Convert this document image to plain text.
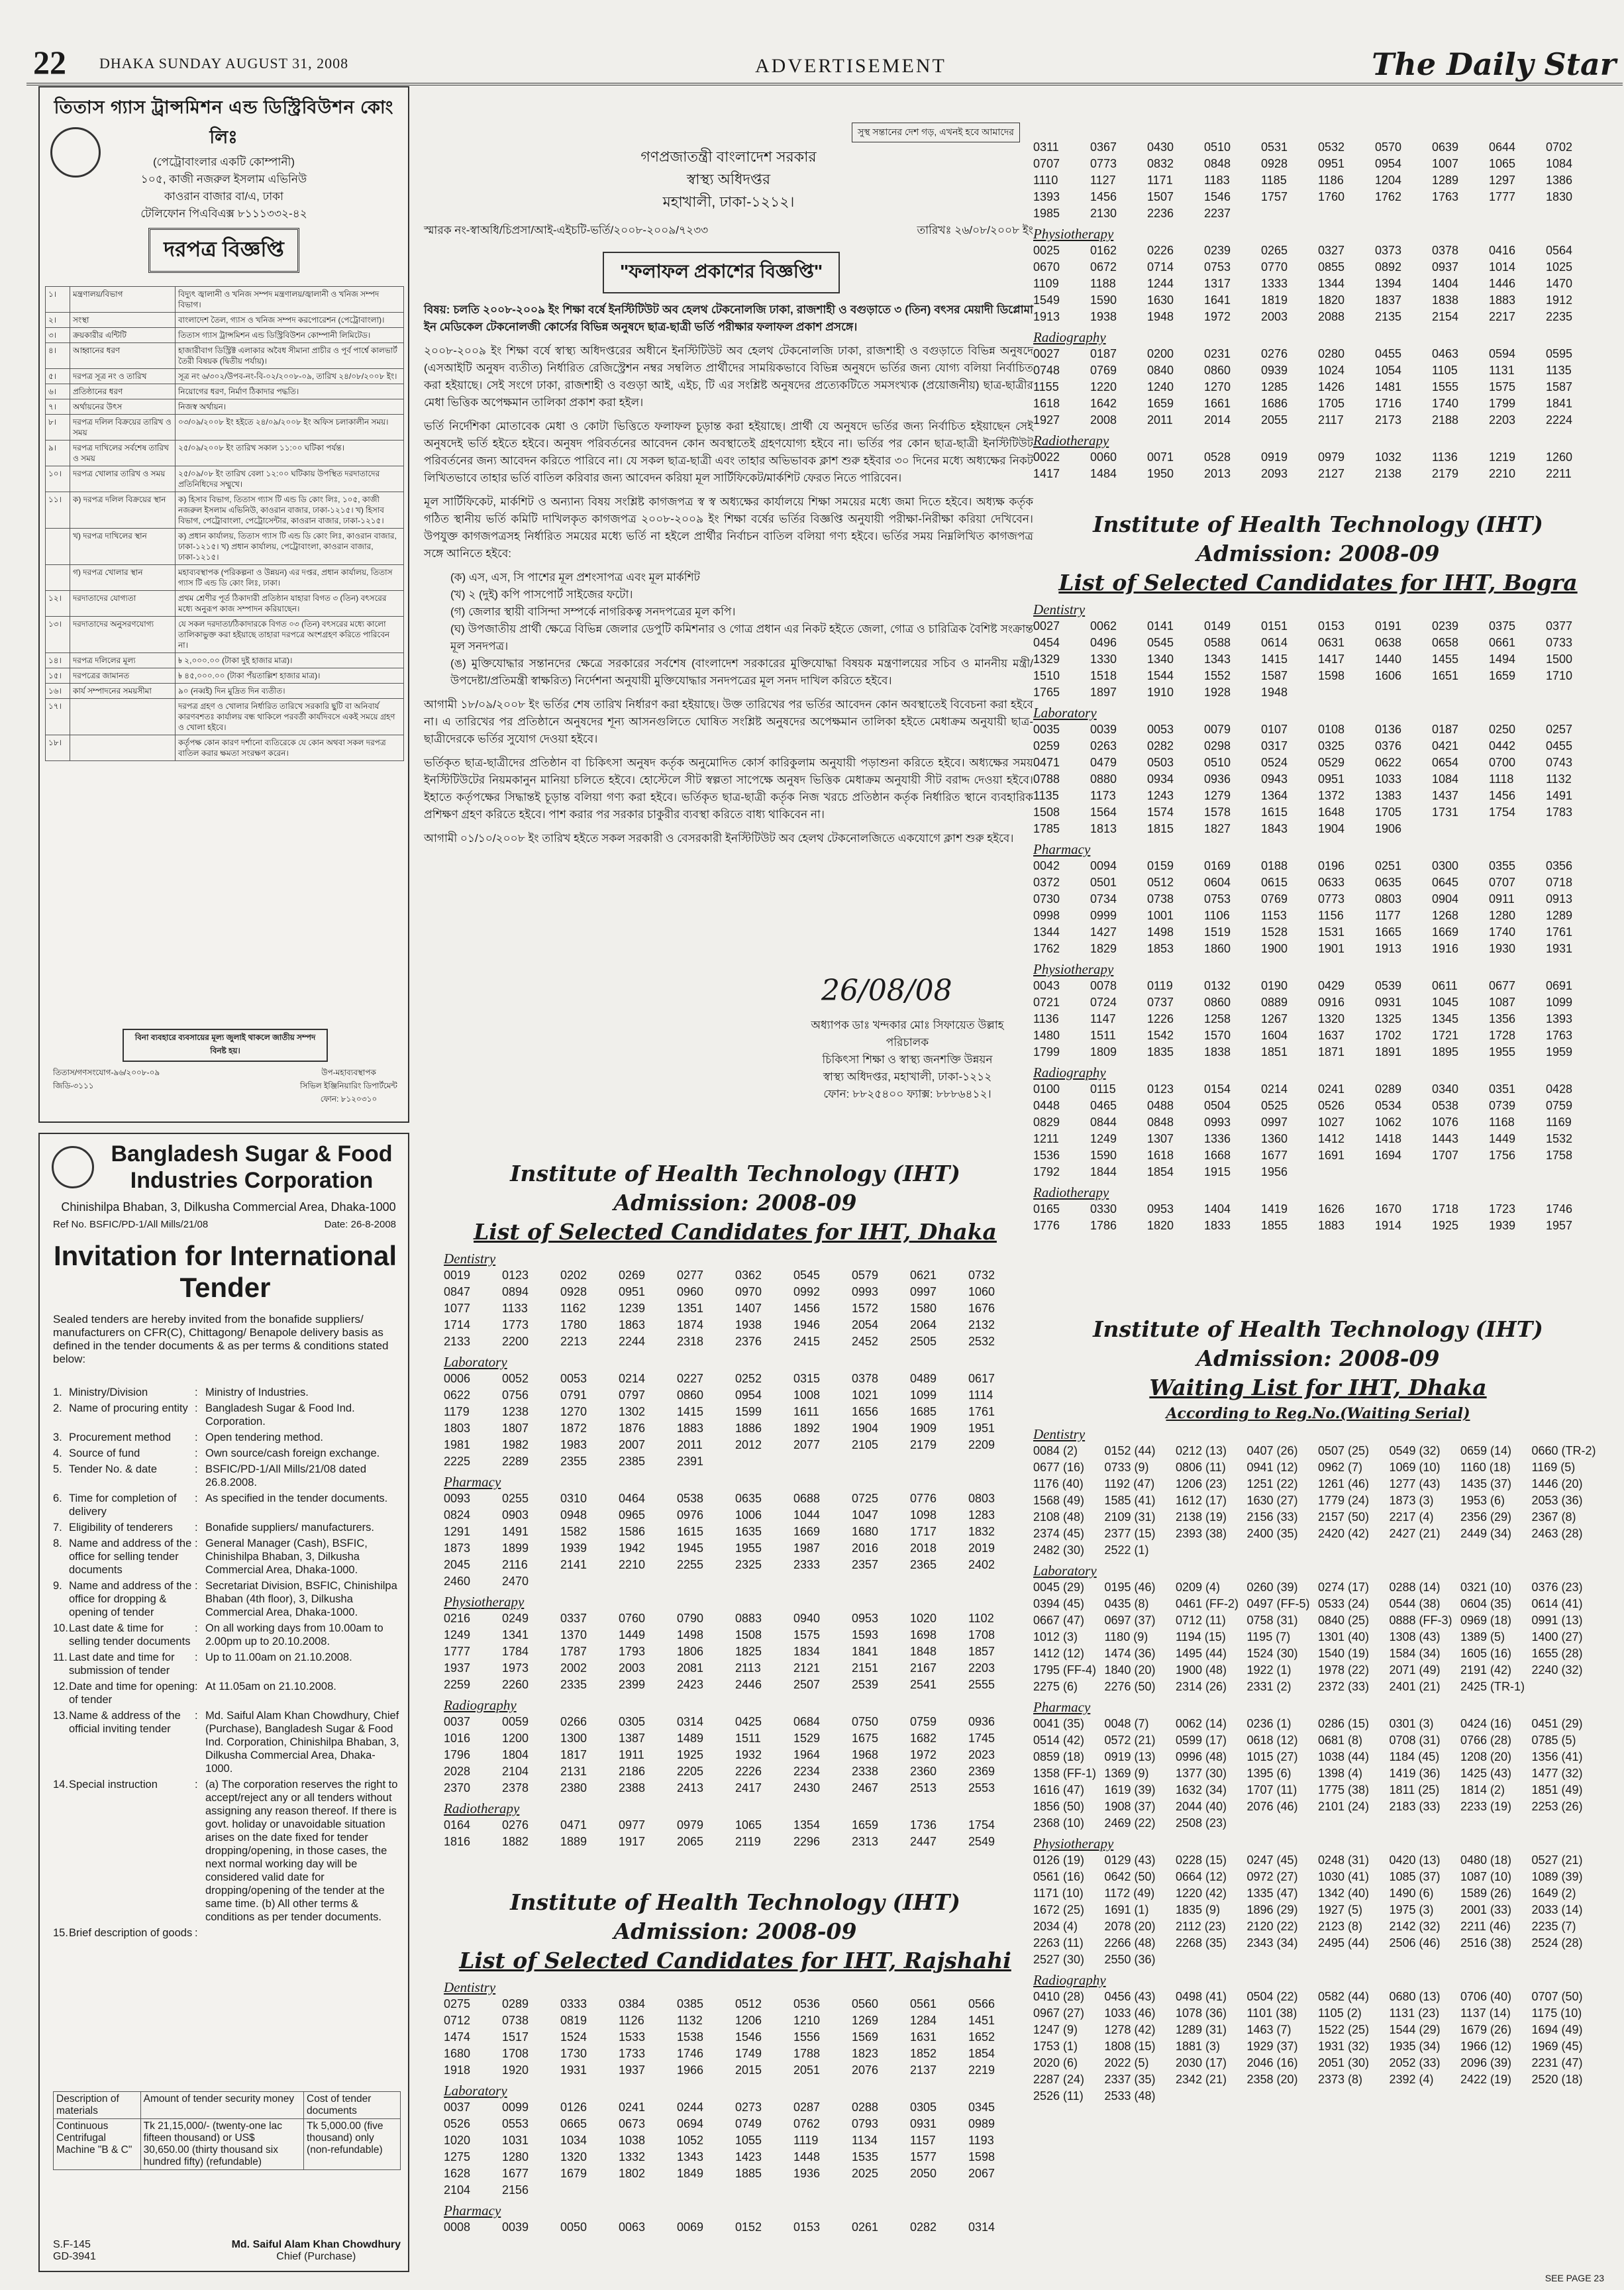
22 DHAKA SUNDAY AUGUST 31, 2008	ADVERTISEMENT	The Daily Star
তিতাস গ্যাস ট্রান্সমিশন এন্ড ডিস্ট্রিবিউশন কোং লিঃ
(পেট্রোবাংলার একটি কোম্পানী)
১০৫, কাজী নজরুল ইসলাম এভিনিউ
কাওরান বাজার বা/এ, ঢাকা
টেলিফোন পিএবিএক্স ৮১১১৩৩২-৪২
দরপত্র বিজ্ঞপ্তি
১।	মন্ত্রণালয়/বিভাগ	বিদ্যুৎ জ্বালানী ও খনিজ সম্পদ মন্ত্রণালয়/জ্বালানী ও খনিজ সম্পদ বিভাগ।
২।	সংস্থা	বাংলাদেশ তৈল, গ্যাস ও খনিজ সম্পদ করপোরেশন (পেট্রোবাংলা)।
৩।	ক্রয়কারীর এন্টিটি	তিতাস গ্যাস ট্রান্সমিশন এন্ড ডিস্ট্রিবিউশন কোম্পানী লিমিটেড।
৪।	আহ্বানের ধরণ	হাজারীবাগ ডিস্ট্রিক্ট এলাকার অবৈধ সীমানা প্রাচীর ও পূর্ব পার্শ্বে কালভার্ট তৈরী বিষয়ক (দ্বিতীয় পর্যায়)।
৫।	দরপত্র সূত্র নং ও তারিখ	সূত্র নং ৬/৩০২/উপব-নং-বি-০২/২০০৮-০৯, তারিখ ২৪/০৮/২০০৮ ইং।
৬।	প্রতিষ্ঠানের ধরণ	নিয়োগের ধরণ, নির্মাণ ঠিকাদার পদ্ধতি।
৭।	অর্থায়নের উৎস	নিজস্ব অর্থায়ন।
৮।	দরপত্র দলিল বিক্রয়ের তারিখ ও সময়	০৩/০৯/২০০৮ ইং হইতে ২৪/০৯/২০০৮ ইং অফিস চলাকালীন সময়।
৯।	দরপত্র দাখিলের সর্বশেষ তারিখ ও সময়	২৫/০৯/২০০৮ ইং তারিখ সকাল ১১:০০ ঘটিকা পর্যন্ত।
১০।	দরপত্র খোলার তারিখ ও সময়	২৫/০৯/০৮ ইং তারিখ বেলা ১২:০০ ঘটিকায় উপস্থিত দরদাতাদের প্রতিনিধিদের সম্মুখে।
১১।	ক) দরপত্র দলিল বিক্রয়ের স্থান	ক) হিসাব বিভাগ, তিতাস গ্যাস টি এন্ড ডি কোং লিঃ, ১০৫, কাজী নজরুল ইসলাম এভিনিউ, কাওরান বাজার, ঢাকা-১২১৫। খ) হিসাব বিভাগ, পেট্রোবাংলা, পেট্রোসেন্টার, কাওরান বাজার, ঢাকা-১২১৫।
	খ) দরপত্র দাখিলের স্থান	ক) প্রধান কার্যালয়, তিতাস গ্যাস টি এন্ড ডি কোং লিঃ, কাওরান বাজার, ঢাকা-১২১৫। খ) প্রধান কার্যালয়, পেট্রোবাংলা, কাওরান বাজার, ঢাকা-১২১৫।
	গ) দরপত্র খোলার স্থান	মহাব্যবস্থাপক (পরিকল্পনা ও উন্নয়ন) এর দপ্তর, প্রধান কার্যালয়, তিতাস গ্যাস টি এন্ড ডি কোং লিঃ, ঢাকা।
১২।	দরদাতাদের যোগ্যতা	প্রথম শ্রেণীর পূর্ত ঠিকাদারী প্রতিষ্ঠান যাহারা বিগত ৩ (তিন) বৎসরের মধ্যে অনুরূপ কাজ সম্পাদন করিয়াছেন।
১৩।	দরদাতাদের অনুসরণযোগ্য	যে সকল দরদাতা/ঠিকাদারকে বিগত ০৩ (তিন) বৎসরের মধ্যে কালো তালিকাভুক্ত করা হইয়াছে তাহারা দরপত্রে অংশগ্রহণ করিতে পারিবেন না।
১৪।	দরপত্র দলিলের মূল্য	৳ ২,০০০.০০ (টাকা দুই হাজার মাত্র)।
১৫।	দরপত্রের জামানত	৳ ৪৫,০০০.০০ (টাকা পঁয়তাল্লিশ হাজার মাত্র)।
১৬।	কার্য সম্পাদনের সময়সীমা	৯০ (নব্বই) দিন মুদ্রিত দিন ব্যতীত।
১৭।		দরপত্র গ্রহণ ও খোলার নির্ধারিত তারিখে সরকারি ছুটি বা অনিবার্য কারণবশতঃ কার্যালয় বন্ধ থাকিলে পরবর্তী কার্যদিবসে একই সময়ে গ্রহণ ও খোলা হইবে।
১৮।		কর্তৃপক্ষ কোন কারণ দর্শানো ব্যতিরেকে যে কোন অথবা সকল দরপত্র বাতিল করার ক্ষমতা সংরক্ষণ করেন।
বিনা ব্যবহারে ব্যবসায়ের মূল্য জুলাই থাকলে জাতীয় সম্পদ বিনষ্ট হয়।
তিতাস/গণসংযোগ-৯৬/২০০৮-০৯
জিডি-৩১১১
উপ-মহাব্যবস্থাপক
সিভিল ইঞ্জিনিয়ারিং ডিপার্টমেন্ট
ফোন: ৮১২০৩১০
Bangladesh Sugar & Food Industries Corporation
Chinishilpa Bhaban, 3, Dilkusha Commercial Area, Dhaka-1000
Ref No. BSFIC/PD-1/All Mills/21/08	Date: 26-8-2008
Invitation for International Tender
Sealed tenders are hereby invited from the bonafide suppliers/ manufacturers on CFR(C), Chittagong/ Benapole delivery basis as defined in the tender documents & as per terms & conditions stated below:
1. Ministry/Division	: Ministry of Industries.
2. Name of procuring entity : Bangladesh Sugar & Food Ind. Corporation.
3. Procurement method	: Open tendering method.
4. Source of fund	: Own source/cash foreign exchange.
5. Tender No. & date	: BSFIC/PD-1/All Mills/21/08 dated 26.8.2008.
6. Time for completion of delivery
: As specified in the tender documents.
7. Eligibility of tenderers	: Bonafide suppliers/ manufacturers.
8. Name and address of the office for selling tender documents
: General Manager (Cash), BSFIC, Chinishilpa Bhaban, 3, Dilkusha Commercial Area, Dhaka-1000.
9. Name and address of the office for dropping & opening of tender
: Secretariat Division, BSFIC, Chinishilpa Bhaban (4th floor), 3, Dilkusha Commercial Area, Dhaka-1000.
10. Last date & time for selling tender documents
: On all working days from 10.00am to 2.00pm up to 20.10.2008.
11. Last date and time for submission of tender
: Up to 11.00am on 21.10.2008.
12. Date and time for opening of tender
: At 11.05am on 21.10.2008.
13. Name & address of the official inviting tender
: Md. Saiful Alam Khan Chowdhury, Chief (Purchase), Bangladesh Sugar & Food Ind. Corporation, Chinishilpa Bhaban, 3, Dilkusha Commercial Area, Dhaka-1000.
14. Special instruction	: (a) The corporation reserves the right to accept/reject any or all tenders without assigning any reason thereof. If there is govt. holiday or unavoidable situation arises on the date fixed for tender dropping/opening, in those cases, the next normal working day will be considered valid date for dropping/opening of the tender at the same time. (b) All other terms & conditions as per tender documents.
15. Brief description of goods :
Description of materials	Amount of tender security money	Cost of tender documents
Continuous Centrifugal Machine "B & C"	Tk 21,15,000/- (twenty-one lac fifteen thousand) or US$ 30,650.00 (thirty thousand six hundred fifty) (refundable)	Tk 5,000.00 (five thousand) only (non-refundable)
S.F-145
GD-3941
Md. Saiful Alam Khan Chowdhury
Chief (Purchase)
সুস্থ সন্তানের দেশ গড়, এখনই হবে আমাদের
গণপ্রজাতন্ত্রী বাংলাদেশ সরকার
স্বাস্থ্য অধিদপ্তর
মহাখালী, ঢাকা-১২১২।
স্মারক নং-স্বাঅধি/চিপ্রসা/আই-এইচটি-ভর্তি/২০০৮-২০০৯/৭২৩৩	তারিখঃ ২৬/০৮/২০০৮ ইং
"ফলাফল প্রকাশের বিজ্ঞপ্তি"

বিষয়: চলতি ২০০৮-২০০৯ ইং শিক্ষা বর্ষে ইনস্টিটিউট অব হেলথ টেকনোলজি ঢাকা, রাজশাহী ও বগুড়াতে ৩ (তিন) বৎসর মেয়াদী ডিপ্লোমা ইন মেডিকেল টেকনোলজী কোর্সের বিভিন্ন অনুষদে ছাত্র-ছাত্রী ভর্তি পরীক্ষার ফলাফল প্রকাশ প্রসঙ্গে।

২০০৮-২০০৯ ইং শিক্ষা বর্ষে স্বাস্থ্য অধিদপ্তরের অধীনে ইনস্টিটিউট অব হেলথ টেকনোলজি ঢাকা, রাজশাহী ও বগুড়াতে বিভিন্ন অনুষদে (এসআইটি অনুষদ ব্যতীত) নির্ধারিত রেজিস্ট্রেশন নম্বর সম্বলিত প্রার্থীদের সাময়িকভাবে বিভিন্ন অনুষদে ভর্তির জন্য যোগ্য বলিয়া নির্বাচিত করা হইয়াছে। সেই সংগে ঢাকা, রাজশাহী ও বগুড়া আই, এইচ, টি এর সংশ্লিষ্ট অনুষদের প্রত্যেকটিতে সমসংখ্যক (প্রয়োজনীয়) ছাত্র-ছাত্রীর মেধা ভিত্তিক অপেক্ষমান তালিকা প্রকাশ করা হইল।

ভর্তি নির্দেশিকা মোতাবেক মেধা ও কোটা ভিত্তিতে ফলাফল চূড়ান্ত করা হইয়াছে। প্রার্থী যে অনুষদে ভর্তির জন্য নির্বাচিত হইয়াছেন সেই অনুষদেই ভর্তি হইতে হইবে। অনুষদ পরিবর্তনের আবেদন কোন অবস্থাতেই গ্রহণযোগ্য হইবে না। ভর্তির পর কোন ছাত্র-ছাত্রী ইনস্টিটিউট পরিবর্তনের জন্য আবেদন করিতে পারিবে না। যে সকল ছাত্র-ছাত্রী এবং তাহার অভিভাবক ক্লাশ শুরু হইবার ৩০ দিনের মধ্যে অধ্যক্ষের নিকট লিখিতভাবে তাহার ভর্তি বাতিল করিবার জন্য আবেদন করিয়া মূল সার্টিফিকেট/মার্কশিট ফেরত নিতে পারিবেন।

মূল সার্টিফিকেট, মার্কশিট ও অন্যান্য বিষয় সংশ্লিষ্ট কাগজপত্র স্ব স্ব অধ্যক্ষের কার্যালয়ে শিক্ষা সময়ের মধ্যে জমা দিতে হইবে। অধ্যক্ষ কর্তৃক গঠিত স্থানীয় ভর্তি কমিটি দাখিলকৃত কাগজপত্র ২০০৮-২০০৯ ইং শিক্ষা বর্ষের ভর্তির বিজ্ঞপ্তি অনুযায়ী পরীক্ষা-নিরীক্ষা করিয়া দেখিবেন। উপযুক্ত কাগজপত্রসহ নির্ধারিত সময়ের মধ্যে ভর্তি না হইলে প্রার্থীর নির্বাচন বাতিল বলিয়া গণ্য হইবে। ভর্তির সময় নিম্নলিখিত কাগজপত্র সঙ্গে আনিতে হইবে:

(ক) এস, এস, সি পাশের মূল প্রশংসাপত্র এবং মূল মার্কশিট
(খ) ২ (দুই) কপি পাসপোর্ট সাইজের ফটো।
(গ) জেলার স্থায়ী বাসিন্দা সম্পর্কে নাগরিকত্ব সনদপত্রের মূল কপি।
(ঘ) উপজাতীয় প্রার্থী ক্ষেত্রে বিভিন্ন জেলার ডেপুটি কমিশনার ও গোত্র প্রধান এর নিকট হইতে জেলা, গোত্র ও চারিত্রিক বৈশিষ্ট সংক্রান্ত মূল সনদপত্র।
(ঙ) মুক্তিযোদ্ধার সন্তানদের ক্ষেত্রে সরকারের সর্বশেষ (বাংলাদেশ সরকারের মুক্তিযোদ্ধা বিষয়ক মন্ত্রণালয়ের সচিব ও মাননীয় মন্ত্রী/উপদেষ্টা/প্রতিমন্ত্রী স্বাক্ষরিত) নির্দেশনা অনুযায়ী মুক্তিযোদ্ধার সনদপত্রের মূল সনদ দাখিল করিতে হইবে।

আগামী ১৮/০৯/২০০৮ ইং ভর্তির শেষ তারিখ নির্ধারণ করা হইয়াছে। উক্ত তারিখের পর ভর্তির আবেদন কোন অবস্থাতেই বিবেচনা করা হইবে না। এ তারিখের পর প্রতিষ্ঠানে অনুষদের শূন্য আসনগুলিতে ঘোষিত সংশ্লিষ্ট অনুষদের অপেক্ষমান তালিকা হইতে মেধাক্রম অনুযায়ী ছাত্র-ছাত্রীদেরকে ভর্তির সুযোগ দেওয়া হইবে।

ভর্তিকৃত ছাত্র-ছাত্রীদের প্রতিষ্ঠান বা চিকিৎসা অনুষদ কর্তৃক অনুমোদিত কোর্স কারিকুলাম অনুযায়ী পড়াশুনা করিতে হইবে। অধ্যক্ষের সময় ইনস্টিটিউটের নিয়মকানুন মানিয়া চলিতে হইবে। হোস্টেলে সীট স্বল্পতা সাপেক্ষে অনুষদ ভিত্তিক মেধাক্রম অনুযায়ী সীট বরাদ্দ দেওয়া হইবে। ইহাতে কর্তৃপক্ষের সিদ্ধান্তই চূড়ান্ত বলিয়া গণ্য করা হইবে। ভর্তিকৃত ছাত্র-ছাত্রী কর্তৃক নিজ খরচে প্রতিষ্ঠান কর্তৃক নির্ধারিত স্থানে ব্যবহারিক প্রশিক্ষণ গ্রহণ করিতে হইবে। পাশ করার পর সরকার চাকুরীর ব্যবস্থা করিতে বাধ্য থাকিবেন না।

আগামী ০১/১০/২০০৮ ইং তারিখ হইতে সকল সরকারী ও বেসরকারী ইনস্টিটিউট অব হেলথ টেকনোলজিতে একযোগে ক্লাশ শুরু হইবে।

26/08/08
অধ্যাপক ডাঃ খন্দকার মোঃ সিফায়েত উল্লাহ
পরিচালক
চিকিৎসা শিক্ষা ও স্বাস্থ্য জনশক্তি উন্নয়ন
স্বাস্থ্য অধিদপ্তর, মহাখালী, ঢাকা-১২১২
ফোন: ৮৮২৫৪০০ ফ্যাক্স: ৮৮৮৬৪১২।
Institute of Health Technology (IHT) Admission: 2008-09
List of Selected Candidates for IHT, Dhaka
Dentistry
0019	0123	0202	0269	0277	0362	0545	0579	0621	0732
0847	0894	0928	0951	0960	0970	0992	0993	0997	1060
1077	1133	1162	1239	1351	1407	1456	1572	1580	1676
1714	1773	1780	1863	1874	1938	1946	2054	2064	2132
2133	2200	2213	2244	2318	2376	2415	2452	2505	2532
Laboratory
0006	0052	0053	0214	0227	0252	0315	0378	0489	0617
0622	0756	0791	0797	0860	0954	1008	1021	1099	1114
1179	1238	1270	1302	1415	1599	1611	1656	1685	1761
1803	1807	1872	1876	1883	1886	1892	1904	1909	1951
1981	1982	1983	2007	2011	2012	2077	2105	2179	2209
2225	2289	2355	2385	2391
Pharmacy
0093	0255	0310	0464	0538	0635	0688	0725	0776	0803
0824	0903	0948	0965	0976	1006	1044	1047	1098	1283
1291	1491	1582	1586	1615	1635	1669	1680	1717	1832
1873	1899	1939	1942	1945	1955	1987	2016	2018	2019
2045	2116	2141	2210	2255	2325	2333	2357	2365	2402
2460	2470
Physiotherapy
0216	0249	0337	0760	0790	0883	0940	0953	1020	1102
1249	1341	1370	1449	1498	1508	1575	1593	1698	1708
1777	1784	1787	1793	1806	1825	1834	1841	1848	1857
1937	1973	2002	2003	2081	2113	2121	2151	2167	2203
2259	2260	2335	2399	2423	2446	2507	2539	2541	2555
Radiography
0037	0059	0266	0305	0314	0425	0684	0750	0759	0936
1016	1200	1300	1387	1489	1511	1529	1675	1682	1745
1796	1804	1817	1911	1925	1932	1964	1968	1972	2023
2028	2104	2131	2186	2205	2226	2234	2338	2360	2369
2370	2378	2380	2388	2413	2417	2430	2467	2513	2553
Radiotherapy
0164	0276	0471	0977	0979	1065	1354	1659	1736	1754
1816	1882	1889	1917	2065	2119	2296	2313	2447	2549
Institute of Health Technology (IHT) Admission: 2008-09
List of Selected Candidates for IHT, Rajshahi
Dentistry
0275	0289	0333	0384	0385	0512	0536	0560	0561	0566
0712	0738	0819	1126	1132	1206	1210	1269	1284	1451
1474	1517	1524	1533	1538	1546	1556	1569	1631	1652
1680	1708	1730	1733	1746	1749	1788	1823	1852	1854
1918	1920	1931	1937	1966	2015	2051	2076	2137	2219
Laboratory
0037	0099	0126	0241	0244	0273	0287	0288	0305	0345
0526	0553	0665	0673	0694	0749	0762	0793	0931	0989
1020	1031	1034	1038	1052	1055	1119	1134	1157	1193
1275	1280	1320	1332	1343	1423	1448	1535	1577	1598
1628	1677	1679	1802	1849	1885	1936	2025	2050	2067
2104	2156
Pharmacy
0008	0039	0050	0063	0069	0152	0153	0261	0282	0314
0311	0367	0430	0510	0531	0532	0570	0639	0644	0702
0707	0773	0832	0848	0928	0951	0954	1007	1065	1084
1110	1127	1171	1183	1185	1186	1204	1289	1297	1386
1393	1456	1507	1546	1757	1760	1762	1763	1777	1830
1985	2130	2236	2237
Physiotherapy
0025	0162	0226	0239	0265	0327	0373	0378	0416	0564
0670	0672	0714	0753	0770	0855	0892	0937	1014	1025
1109	1188	1244	1317	1333	1344	1394	1404	1446	1470
1549	1590	1630	1641	1819	1820	1837	1838	1883	1912
1913	1938	1948	1972	2003	2088	2135	2154	2217	2235
Radiography
0027	0187	0200	0231	0276	0280	0455	0463	0594	0595
0748	0769	0840	0860	0939	1024	1054	1105	1131	1135
1155	1220	1240	1270	1285	1426	1481	1555	1575	1587
1618	1642	1659	1661	1686	1705	1716	1740	1799	1841
1927	2008	2011	2014	2055	2117	2173	2188	2203	2224
Radiotherapy
0022	0060	0071	0528	0919	0979	1032	1136	1219	1260
1417	1484	1950	2013	2093	2127	2138	2179	2210	2211
Institute of Health Technology (IHT) Admission: 2008-09
List of Selected Candidates for IHT, Bogra
Dentistry
0027	0062	0141	0149	0151	0153	0191	0239	0375	0377
0454	0496	0545	0588	0614	0631	0638	0658	0661	0733
1329	1330	1340	1343	1415	1417	1440	1455	1494	1500
1510	1518	1544	1552	1587	1598	1606	1651	1659	1710
1765	1897	1910	1928	1948
Laboratory
0035	0039	0053	0079	0107	0108	0136	0187	0250	0257
0259	0263	0282	0298	0317	0325	0376	0421	0442	0455
0471	0479	0503	0510	0524	0529	0622	0654	0700	0743
0788	0880	0934	0936	0943	0951	1033	1084	1118	1132
1135	1173	1243	1279	1364	1372	1383	1437	1456	1491
1508	1564	1574	1578	1615	1648	1705	1731	1754	1783
1785	1813	1815	1827	1843	1904	1906
Pharmacy
0042	0094	0159	0169	0188	0196	0251	0300	0355	0356
0372	0501	0512	0604	0615	0633	0635	0645	0707	0718
0730	0734	0738	0753	0769	0773	0803	0904	0911	0913
0998	0999	1001	1106	1153	1156	1177	1268	1280	1289
1344	1427	1498	1519	1528	1531	1665	1669	1740	1761
1762	1829	1853	1860	1900	1901	1913	1916	1930	1931
Physiotherapy
0043	0078	0119	0132	0190	0429	0539	0611	0677	0691
0721	0724	0737	0860	0889	0916	0931	1045	1087	1099
1136	1147	1226	1258	1267	1320	1325	1345	1356	1393
1480	1511	1542	1570	1604	1637	1702	1721	1728	1763
1799	1809	1835	1838	1851	1871	1891	1895	1955	1959
Radiography
0100	0115	0123	0154	0214	0241	0289	0340	0351	0428
0448	0465	0488	0504	0525	0526	0534	0538	0739	0759
0829	0844	0848	0993	0997	1027	1062	1076	1168	1169
1211	1249	1307	1336	1360	1412	1418	1443	1449	1532
1536	1590	1618	1668	1677	1691	1694	1707	1756	1758
1792	1844	1854	1915	1956
Radiotherapy
0165	0330	0953	1404	1419	1626	1670	1718	1723	1746
1776	1786	1820	1833	1855	1883	1914	1925	1939	1957
Institute of Health Technology (IHT) Admission: 2008-09
Waiting List for IHT, Dhaka
According to Reg.No.(Waiting Serial)
Dentistry
0084 (2)	0152 (44)	0212 (13)	0407 (26)	0507 (25)	0549 (32)	0659 (14)	0660 (TR-2)
0677 (16)	0733 (9)	0806 (11)	0941 (12)	0962 (7)	1069 (10)	1160 (18)	1169 (5)
1176 (40)	1192 (47)	1206 (23)	1251 (22)	1261 (46)	1277 (43)	1435 (37)	1446 (20)
1568 (49)	1585 (41)	1612 (17)	1630 (27)	1779 (24)	1873 (3)	1953 (6)	2053 (36)
2108 (48)	2109 (31)	2138 (19)	2156 (33)	2157 (50)	2217 (4)	2356 (29)	2367 (8)
2374 (45)	2377 (15)	2393 (38)	2400 (35)	2420 (42)	2427 (21)	2449 (34)	2463 (28)
2482 (30)	2522 (1)
Laboratory
0045 (29)	0195 (46)	0209 (4)	0260 (39)	0274 (17)	0288 (14)	0321 (10)	0376 (23)
0394 (45)	0435 (8)	0461 (FF-2) 0497 (FF-5) 0533 (24)	0544 (38)	0604 (35)	0614 (41)
0667 (47)	0697 (37)	0712 (11)	0758 (31)	0840 (25)	0888 (FF-3) 0969 (18)	0991 (13)
1012 (3)	1180 (9)	1194 (15)	1195 (7)	1301 (40)	1308 (43)	1389 (5)	1400 (27)
1412 (12)	1474 (36)	1495 (44)	1524 (30)	1540 (19)	1584 (34)	1605 (16)	1655 (28)
1795 (FF-4) 1840 (20)	1900 (48)	1922 (1)	1978 (22)	2071 (49)	2191 (42)	2240 (32)
2275 (6)	2276 (50)	2314 (26)	2331 (2)	2372 (33)	2401 (21)	2425 (TR-1)
Pharmacy
0041 (35)	0048 (7)	0062 (14)	0236 (1)	0286 (15)	0301 (3)	0424 (16)	0451 (29)
0514 (42)	0572 (21)	0599 (17)	0618 (12)	0681 (8)	0708 (31)	0766 (28)	0785 (5)
0859 (18)	0919 (13)	0996 (48)	1015 (27)	1038 (44)	1184 (45)	1208 (20)	1356 (41)
1358 (FF-1) 1369 (9)	1377 (30)	1395 (6)	1398 (4)	1419 (36)	1425 (43)	1477 (32)
1616 (47)	1619 (39)	1632 (34)	1707 (11)	1775 (38)	1811 (25)	1814 (2)	1851 (49)
1856 (50)	1908 (37)	2044 (40)	2076 (46)	2101 (24)	2183 (33)	2233 (19)	2253 (26)
2368 (10)	2469 (22)	2508 (23)
Physiotherapy
0126 (19)	0129 (43)	0228 (15)	0247 (45)	0248 (31)	0420 (13)	0480 (18)	0527 (21)
0561 (16)	0642 (50)	0664 (12)	0972 (27)	1030 (41)	1085 (37)	1087 (10)	1089 (39)
1171 (10)	1172 (49)	1220 (42)	1335 (47)	1342 (40)	1490 (6)	1589 (26)	1649 (2)
1672 (25)	1691 (1)	1835 (9)	1896 (29)	1927 (5)	1975 (3)	2001 (33)	2033 (14)
2034 (4)	2078 (20)	2112 (23)	2120 (22)	2123 (8)	2142 (32)	2211 (46)	2235 (7)
2263 (11)	2266 (48)	2268 (35)	2343 (34)	2495 (44)	2506 (46)	2516 (38)	2524 (28)
2527 (30)	2550 (36)
Radiography
0410 (28)	0456 (43)	0498 (41)	0504 (22)	0582 (44)	0680 (13)	0706 (40)	0707 (50)
0967 (27)	1033 (46)	1078 (36)	1101 (38)	1105 (2)	1131 (23)	1137 (14)	1175 (10)
1247 (9)	1278 (42)	1289 (31)	1463 (7)	1522 (25)	1544 (29)	1679 (26)	1694 (49)
1753 (1)	1808 (15)	1881 (3)	1929 (37)	1931 (32)	1935 (34)	1966 (12)	1969 (45)
2020 (6)	2022 (5)	2030 (17)	2046 (16)	2051 (30)	2052 (33)	2096 (39)	2231 (47)
2287 (24)	2337 (35)	2342 (21)	2358 (20)	2373 (8)	2392 (4)	2422 (19)	2520 (18)
2526 (11)	2533 (48)
SEE PAGE 23
